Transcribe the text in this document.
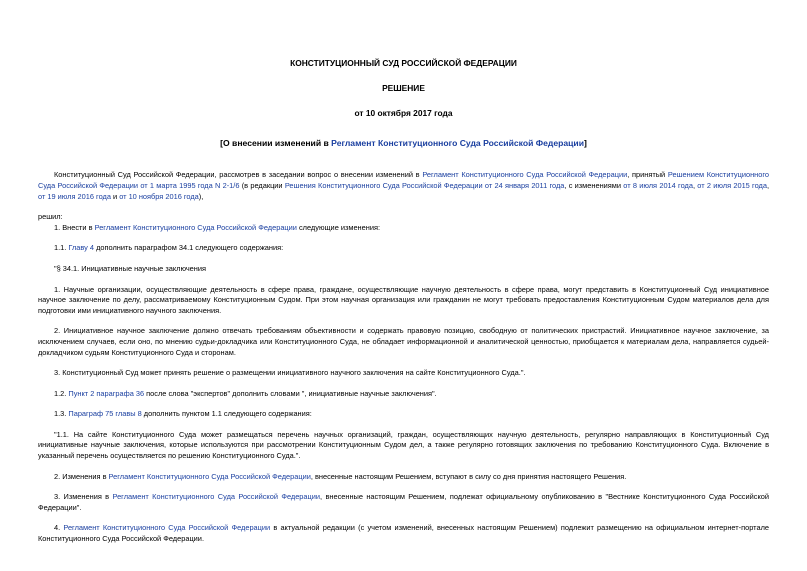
КОНСТИТУЦИОННЫЙ СУД РОССИЙСКОЙ ФЕДЕРАЦИИ
РЕШЕНИЕ
от 10 октября 2017 года
[О внесении изменений в Регламент Конституционного Суда Российской Федерации]

Конституционный Суд Российской Федерации, рассмотрев в заседании вопрос о внесении изменений в Регламент Конституционного Суда Российской Федерации, принятый Решением Конституционного Суда Российской Федерации от 1 марта 1995 года N 2-1/6 (в редакции Решения Конституционного Суда Российской Федерации от 24 января 2011 года, с изменениями от 8 июля 2014 года, от 2 июля 2015 года, от 19 июля 2016 года и от 10 ноября 2016 года),

решил:

1. Внести в Регламент Конституционного Суда Российской Федерации следующие изменения:

1.1. Главу 4 дополнить параграфом 34.1 следующего содержания:

"§ 34.1. Инициативные научные заключения

1. Научные организации, осуществляющие деятельность в сфере права, граждане, осуществляющие научную деятельность в сфере права, могут представить в Конституционный Суд инициативное научное заключение по делу, рассматриваемому Конституционным Судом. При этом научная организация или гражданин не могут требовать предоставления Конституционным Судом материалов дела для подготовки ими инициативного научного заключения.

2. Инициативное научное заключение должно отвечать требованиям объективности и содержать правовую позицию, свободную от политических пристрастий. Инициативное научное заключение, за исключением случаев, если оно, по мнению судьи-докладчика или Конституционного Суда, не обладает информационной и аналитической ценностью, приобщается к материалам дела, направляется судьей-докладчиком судьям Конституционного Суда и сторонам.

3. Конституционный Суд может принять решение о размещении инициативного научного заключения на сайте Конституционного Суда.".

1.2. Пункт 2 параграфа 36 после слова "экспертов" дополнить словами ", инициативные научные заключения".

1.3. Параграф 75 главы 8 дополнить пунктом 1.1 следующего содержания:

"1.1. На сайте Конституционного Суда может размещаться перечень научных организаций, граждан, осуществляющих научную деятельность, регулярно направляющих в Конституционный Суд инициативные научные заключения, которые используются при рассмотрении Конституционным Судом дел, а также регулярно готовящих заключения по требованию Конституционного Суда. Включение в указанный перечень осуществляется по решению Конституционного Суда.".

2. Изменения в Регламент Конституционного Суда Российской Федерации, внесенные настоящим Решением, вступают в силу со дня принятия настоящего Решения.

3. Изменения в Регламент Конституционного Суда Российской Федерации, внесенные настоящим Решением, подлежат официальному опубликованию в "Вестнике Конституционного Суда Российской Федерации".

4. Регламент Конституционного Суда Российской Федерации в актуальной редакции (с учетом изменений, внесенных настоящим Решением) подлежит размещению на официальном интернет-портале Конституционного Суда Российской Федерации.
